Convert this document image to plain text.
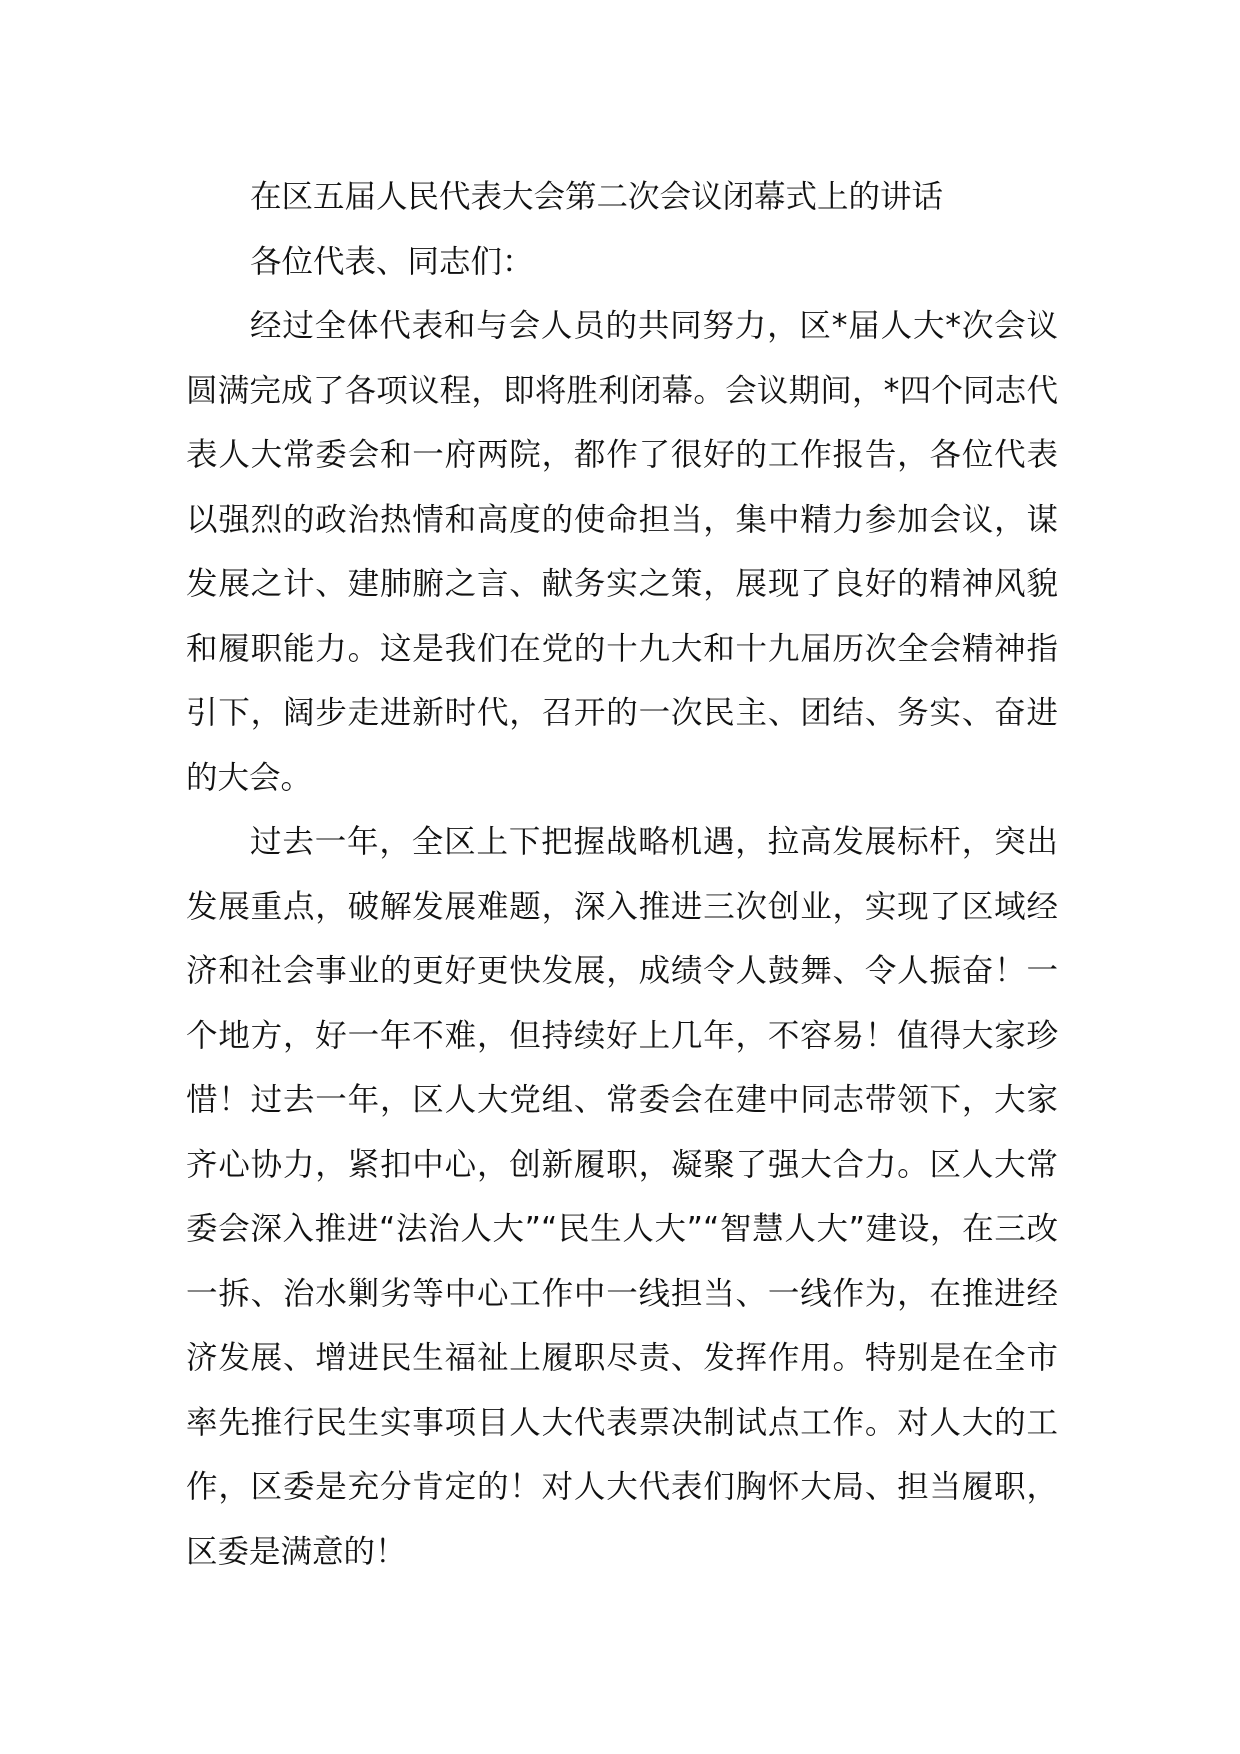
在区五届人民代表大会第二次会议闭幕式上的讲话

各位代表、同志们：

经过全体代表和与会人员的共同努力，区*届人大*次会议圆满完成了各项议程，即将胜利闭幕。会议期间，*四个同志代表人大常委会和一府两院，都作了很好的工作报告，各位代表以强烈的政治热情和高度的使命担当，集中精力参加会议，谋发展之计、建肺腑之言、献务实之策，展现了良好的精神风貌和履职能力。这是我们在党的十九大和十九届历次全会精神指引下，阔步走进新时代，召开的一次民主、团结、务实、奋进的大会。

过去一年，全区上下把握战略机遇，拉高发展标杆，突出发展重点，破解发展难题，深入推进三次创业，实现了区域经济和社会事业的更好更快发展，成绩令人鼓舞、令人振奋！一个地方，好一年不难，但持续好上几年，不容易！值得大家珍惜！过去一年，区人大党组、常委会在建中同志带领下，大家齐心协力，紧扣中心，创新履职，凝聚了强大合力。区人大常委会深入推进“法治人大”“民生人大”“智慧人大”建设，在三改一拆、治水剿劣等中心工作中一线担当、一线作为，在推进经济发展、增进民生福祉上履职尽责、发挥作用。特别是在全市率先推行民生实事项目人大代表票决制试点工作。对人大的工作，区委是充分肯定的！对人大代表们胸怀大局、担当履职，区委是满意的！
